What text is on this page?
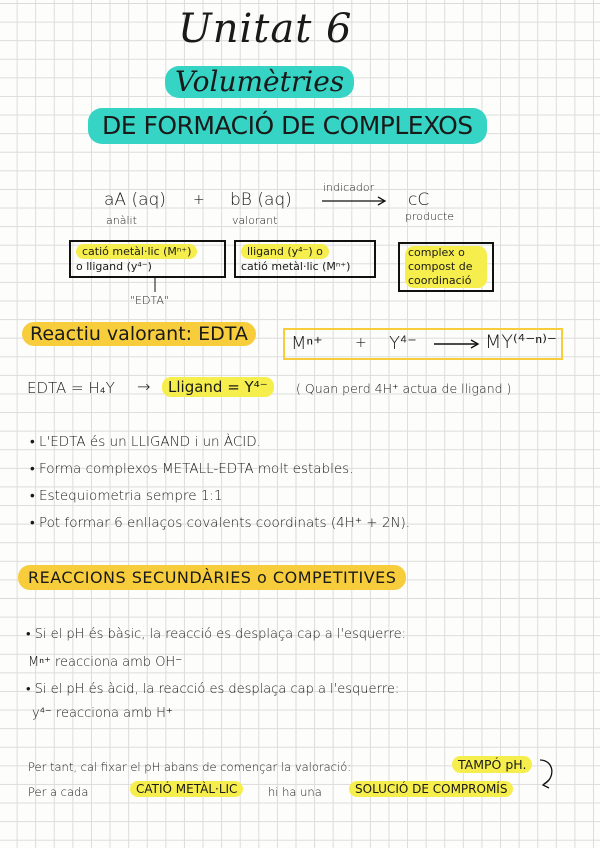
Unitat 6
Volumètries
DE FORMACIÓ DE COMPLEXOS
aA (aq)
anàlit
+ bB (aq)
valorant
indicador
cC
producte
catió metàl·lic (Mⁿ⁺)
o lligand (y⁴⁻)
"EDTA"
lligand (y⁴⁻) o
catió metàl·lic (Mⁿ⁺)
complex o
compost de
coordinació
Reactiu valorant: EDTA	Mⁿ⁺ + Y⁴⁻	MY⁽⁴⁻ⁿ⁾⁻
EDTA = H₄Y →	Lligand = Y⁴⁻	( Quan perd 4H⁺ actua de lligand )
• L'EDTA és un LLIGAND i un ÀCID.
• Forma complexos METALL-EDTA molt estables.
• Estequiometria sempre 1:1
• Pot formar 6 enllaços covalents coordinats (4H⁺ + 2N).
REACCIONS SECUNDÀRIES o COMPETITIVES
• Si el pH és bàsic, la reacció es desplaça cap a l'esquerre:
Mⁿ⁺ reacciona amb OH⁻
• Si el pH és àcid, la reacció es desplaça cap a l'esquerre:
y⁴⁻ reacciona amb H⁺
Per tant, cal fixar el pH abans de començar la valoració:	TAMPÓ pH.
Per a cada	CATIÓ METÀL·LIC	hi ha una	SOLUCIÓ DE COMPROMÍS
